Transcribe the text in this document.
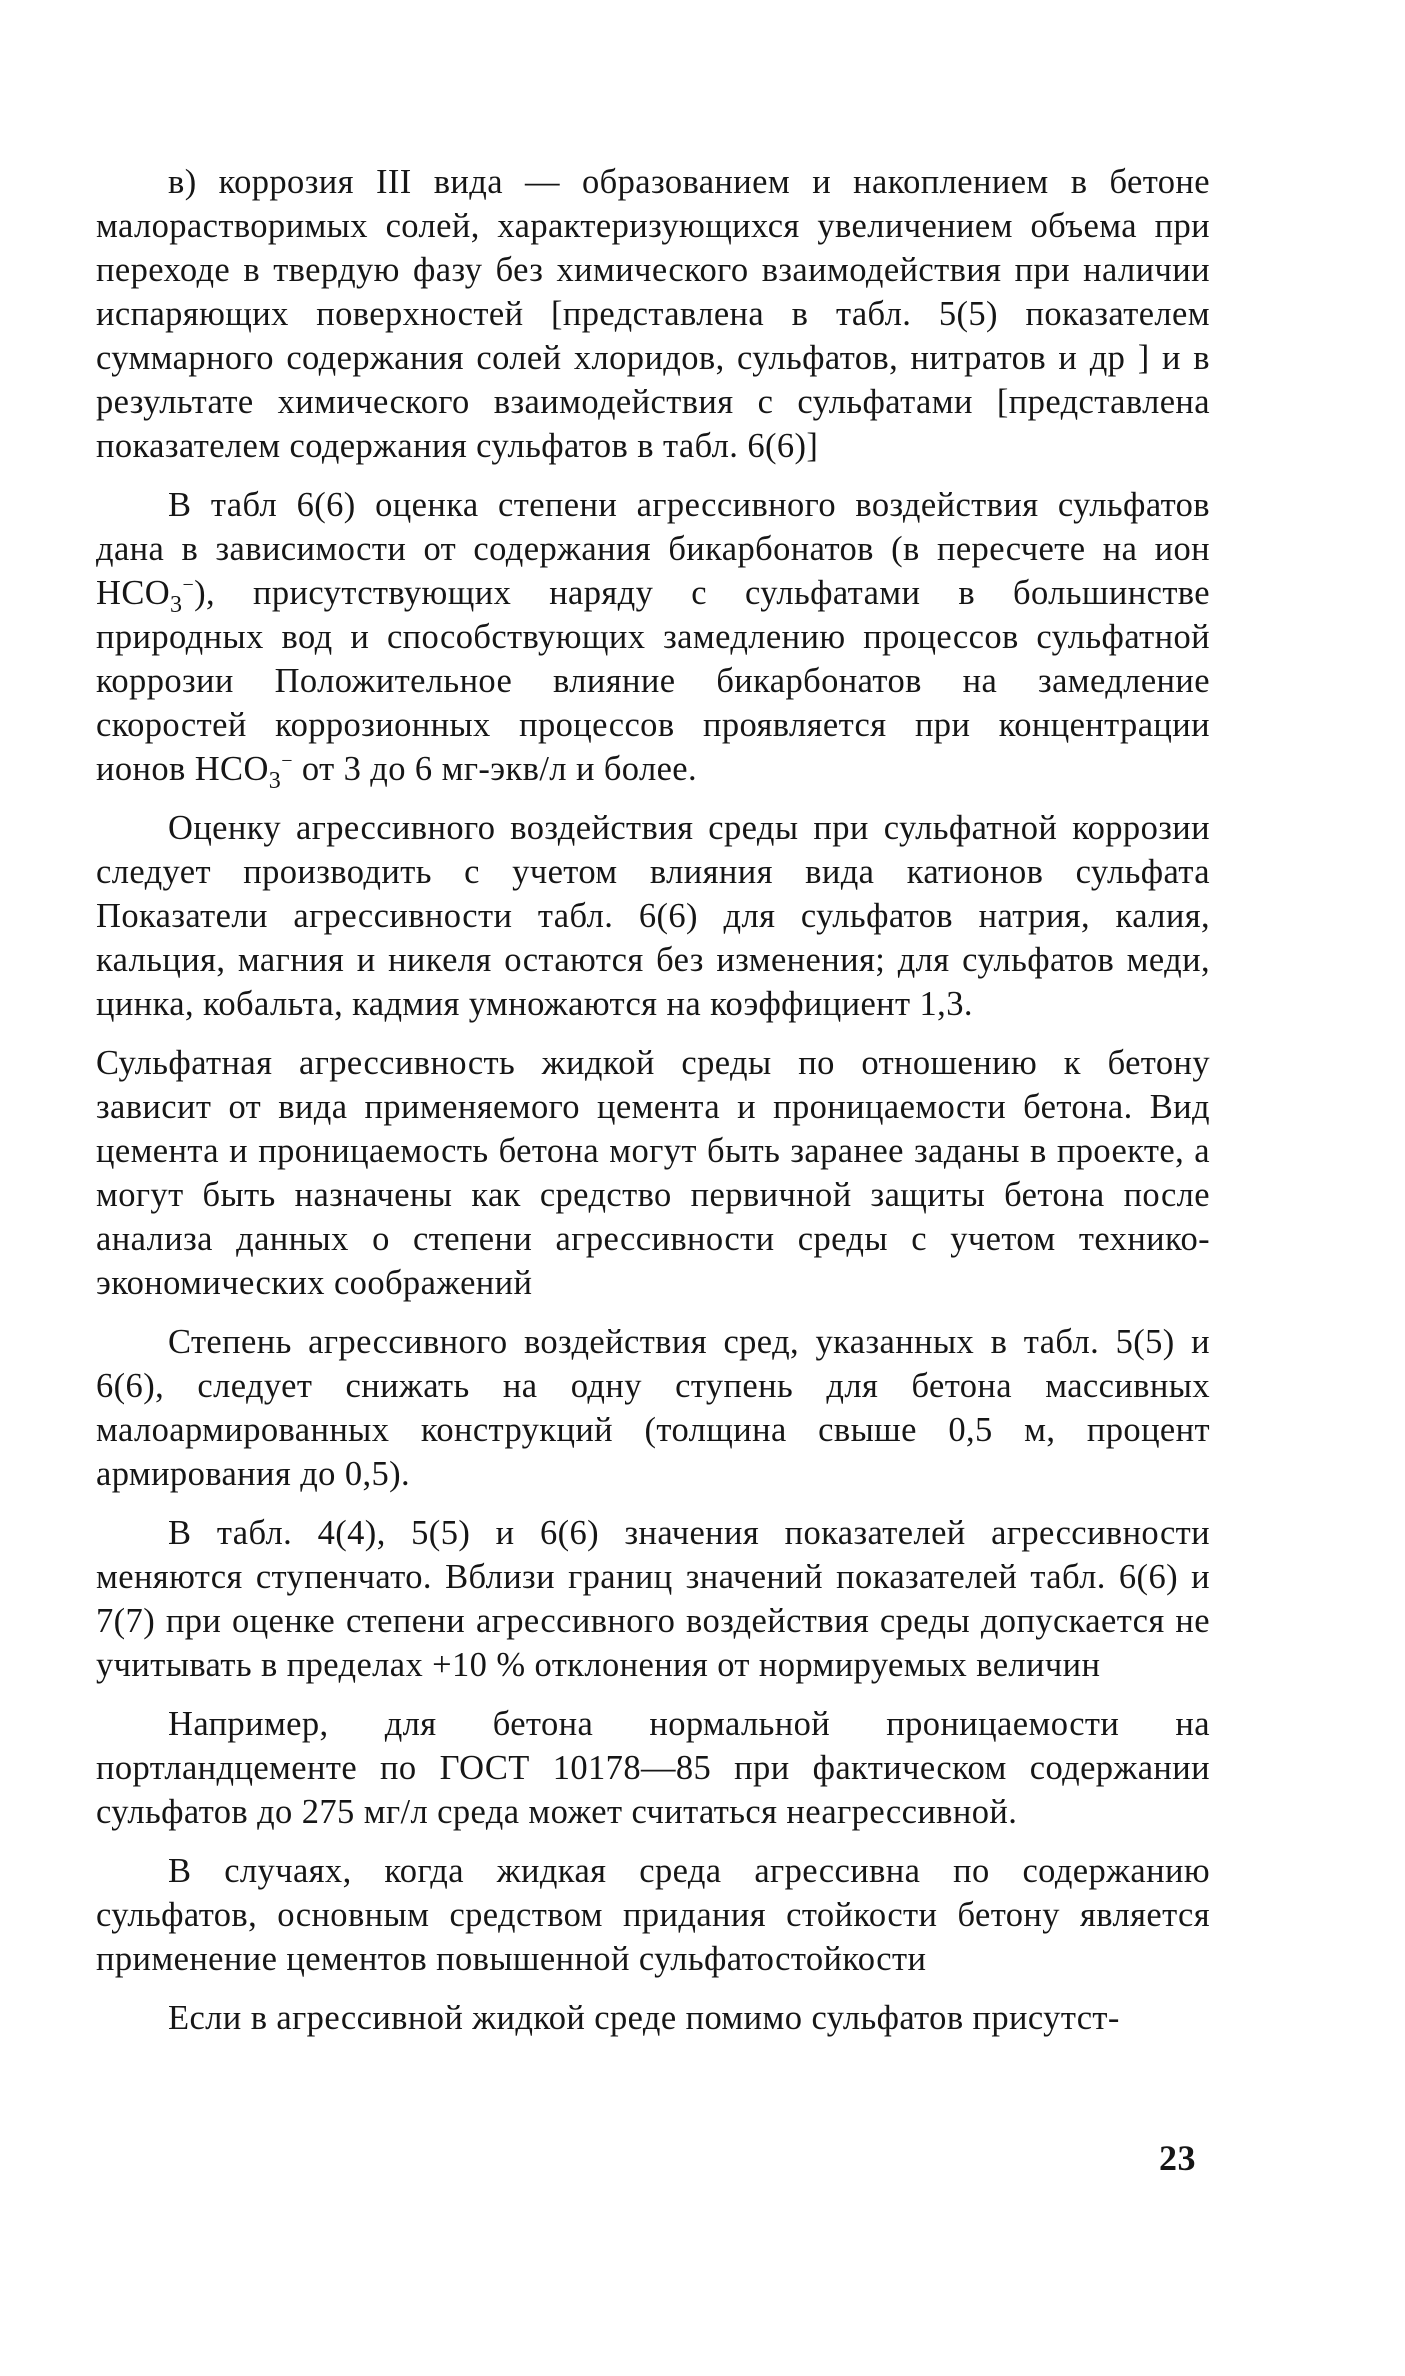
в) коррозия III вида — образованием и накоплением в бетоне малорастворимых солей, характеризующихся увеличением объема при переходе в твердую фазу без химического взаимодействия при наличии испаряющих поверхностей [представлена в табл. 5(5) показателем суммарного содержания солей хлоридов, сульфатов, нитратов и др ] и в результате химического взаимодействия с сульфатами [представлена показателем содержания сульфатов в табл. 6(6)]

В табл 6(6) оценка степени агрессивного воздействия сульфатов дана в зависимости от содержания бикарбонатов (в пересчете на ион $HCO_3^-$), присутствующих наряду с сульфатами в большинстве природных вод и способствующих замедлению процессов сульфатной коррозии Положительное влияние бикарбонатов на замедление скоростей коррозионных процессов проявляется при концентрации ионов $HCO_3^-$ от 3 до 6 мг-экв/л и более.

Оценку агрессивного воздействия среды при сульфатной коррозии следует производить с учетом влияния вида катионов сульфата Показатели агрессивности табл. 6(6) для сульфатов натрия, калия, кальция, магния и никеля остаются без изменения; для сульфатов меди, цинка, кобальта, кадмия умножаются на коэффициент 1,3.

Сульфатная агрессивность жидкой среды по отношению к бетону зависит от вида применяемого цемента и проницаемости бетона. Вид цемента и проницаемость бетона могут быть заранее заданы в проекте, а могут быть назначены как средство первичной защиты бетона после анализа данных о степени агрессивности среды с учетом технико-экономических соображений

Степень агрессивного воздействия сред, указанных в табл. 5(5) и 6(6), следует снижать на одну ступень для бетона массивных малоармированных конструкций (толщина свыше 0,5 м, процент армирования до 0,5).

В табл. 4(4), 5(5) и 6(6) значения показателей агрессивности меняются ступенчато. Вблизи границ значений показателей табл. 6(6) и 7(7) при оценке степени агрессивного воздействия среды допускается не учитывать в пределах +10 % отклонения от нормируемых величин

Например, для бетона нормальной проницаемости на портландцементе по ГОСТ 10178—85 при фактическом содержании сульфатов до 275 мг/л среда может считаться неагрессивной.

В случаях, когда жидкая среда агрессивна по содержанию сульфатов, основным средством придания стойкости бетону является применение цементов повышенной сульфатостойкости

Если в агрессивной жидкой среде помимо сульфатов присутст-

23
